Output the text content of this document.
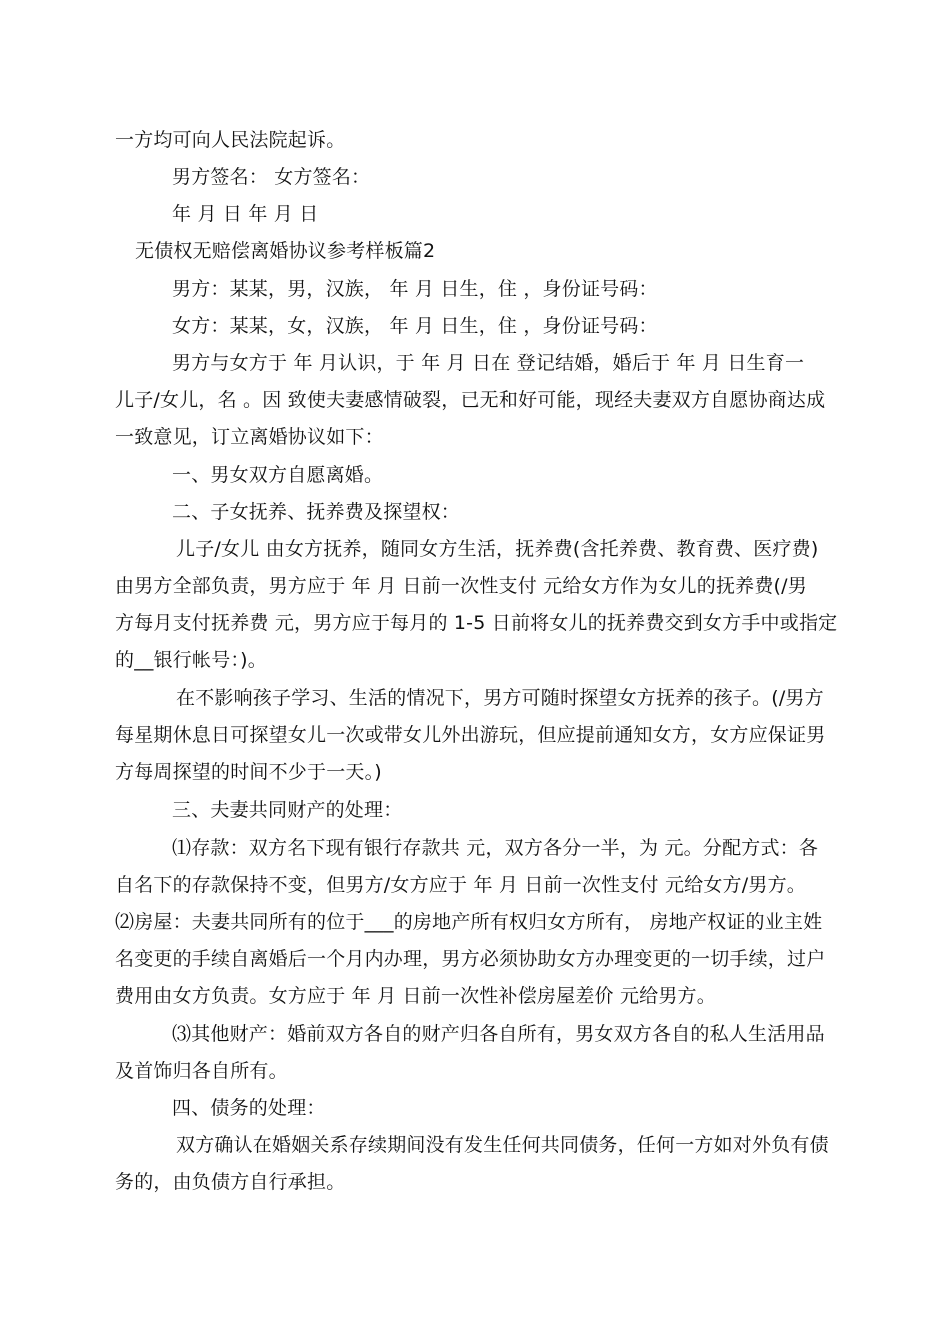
一方均可向人民法院起诉。
男方签名： 女方签名：
年 月 日 年 月 日
无债权无赔偿离婚协议参考样板篇2
男方：某某，男，汉族， 年 月 日生，住 ，身份证号码：
女方：某某，女，汉族， 年 月 日生，住 ，身份证号码：
男方与女方于 年 月认识，于 年 月 日在 登记结婚，婚后于 年 月 日生育一
儿子/女儿，名 。因 致使夫妻感情破裂，已无和好可能，现经夫妻双方自愿协商达成
一致意见，订立离婚协议如下：
一、男女双方自愿离婚。
二、子女抚养、抚养费及探望权：
儿子/女儿 由女方抚养，随同女方生活，抚养费(含托养费、教育费、医疗费)
由男方全部负责，男方应于 年 月 日前一次性支付 元给女方作为女儿的抚养费(/男
方每月支付抚养费 元，男方应于每月的 1-5 日前将女儿的抚养费交到女方手中或指定
的__银行帐号：)。
在不影响孩子学习、生活的情况下，男方可随时探望女方抚养的孩子。(/男方
每星期休息日可探望女儿一次或带女儿外出游玩，但应提前通知女方，女方应保证男
方每周探望的时间不少于一天。)
三、夫妻共同财产的处理：
⑴存款：双方名下现有银行存款共 元，双方各分一半，为 元。分配方式：各
自名下的存款保持不变，但男方/女方应于 年 月 日前一次性支付 元给女方/男方。
⑵房屋：夫妻共同所有的位于___的房地产所有权归女方所有， 房地产权证的业主姓
名变更的手续自离婚后一个月内办理，男方必须协助女方办理变更的一切手续，过户
费用由女方负责。女方应于 年 月 日前一次性补偿房屋差价 元给男方。
⑶其他财产：婚前双方各自的财产归各自所有，男女双方各自的私人生活用品
及首饰归各自所有。
四、债务的处理：
双方确认在婚姻关系存续期间没有发生任何共同债务，任何一方如对外负有债
务的，由负债方自行承担。
